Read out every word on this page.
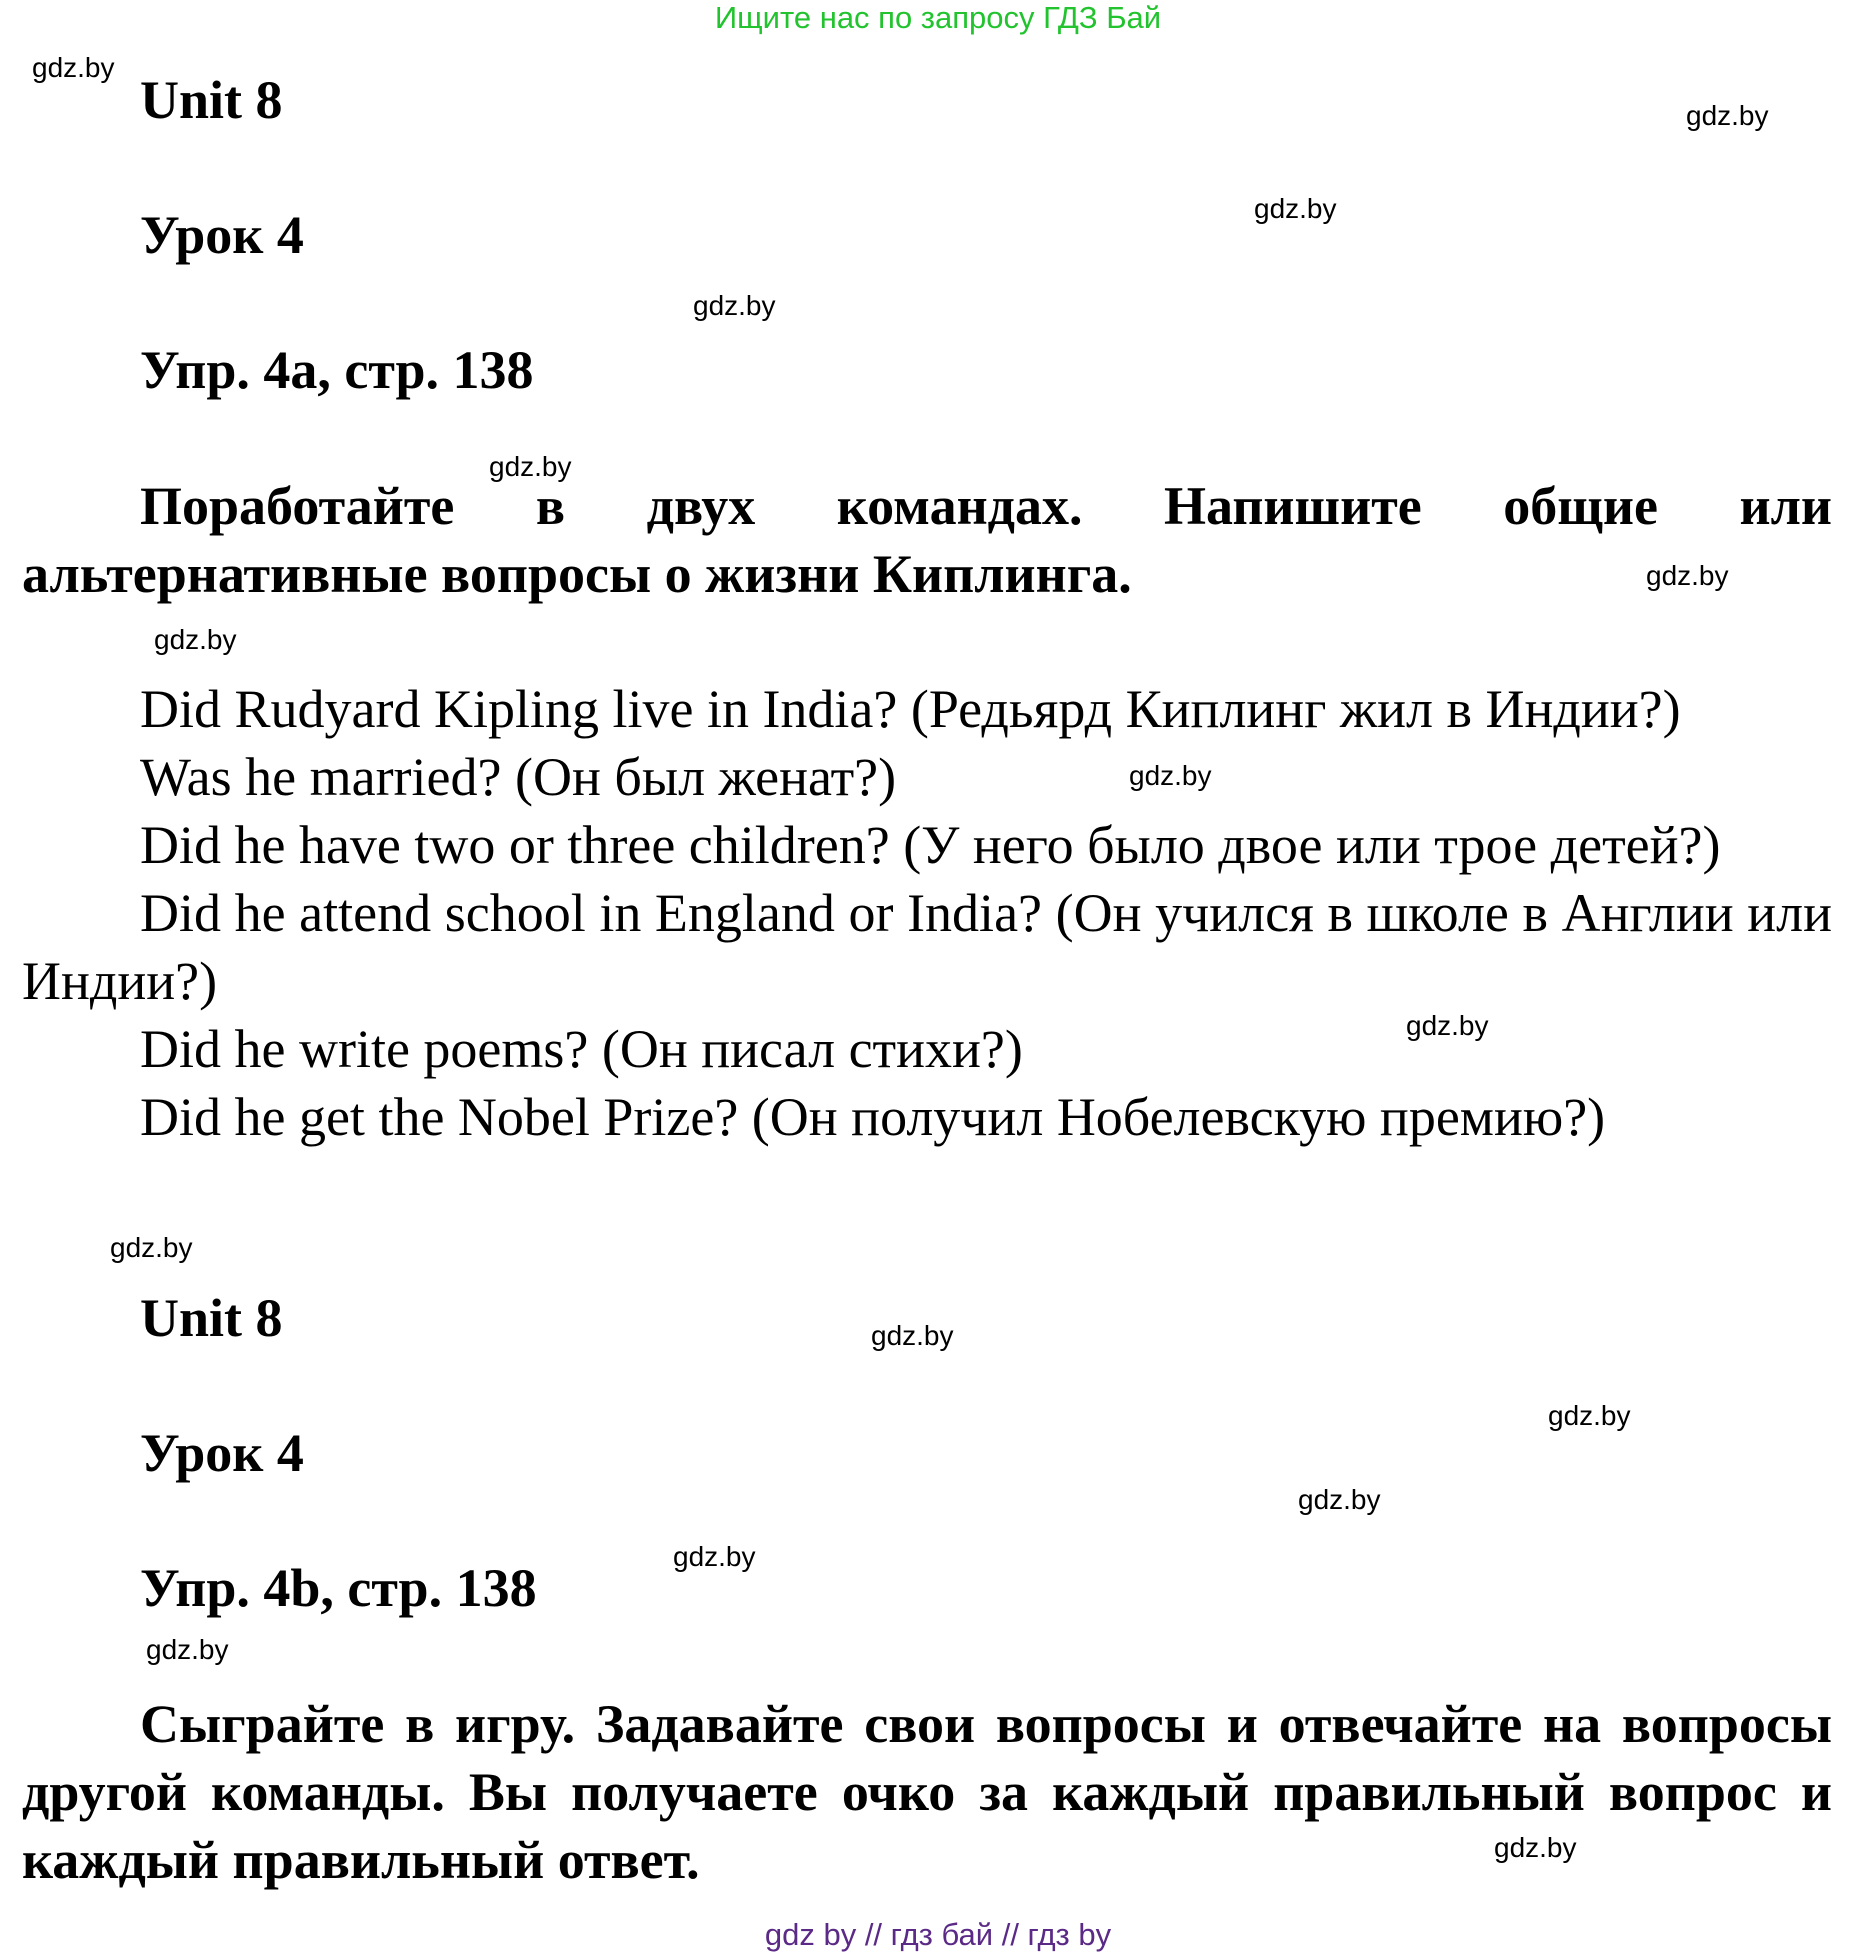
Ищите нас по запросу ГДЗ Бай
Unit 8
Урок 4
Упр. 4a, стр. 138

Поработайте в двух командах. Напишите общие или альтернативные вопросы о жизни Киплинга.

Did Rudyard Kipling live in India? (Редьярд Киплинг жил в Индии?)

Was he married? (Он был женат?)

Did he have two or three children? (У него было двое или трое детей?)

Did he attend school in England or India? (Он учился в школе в Англии или Индии?)

Did he write poems? (Он писал стихи?)

Did he get the Nobel Prize? (Он получил Нобелевскую премию?)

Unit 8
Урок 4
Упр. 4b, стр. 138

Сыграйте в игру. Задавайте свои вопросы и отвечайте на вопросы другой команды. Вы получаете очко за каждый правильный вопрос и каждый правильный ответ.

gdz.by
gdz.by
gdz.by
gdz.by
gdz.by
gdz.by
gdz.by
gdz.by
gdz.by
gdz.by
gdz.by
gdz.by
gdz.by
gdz.by
gdz.by
gdz.by
gdz by // гдз бай // гдз by
